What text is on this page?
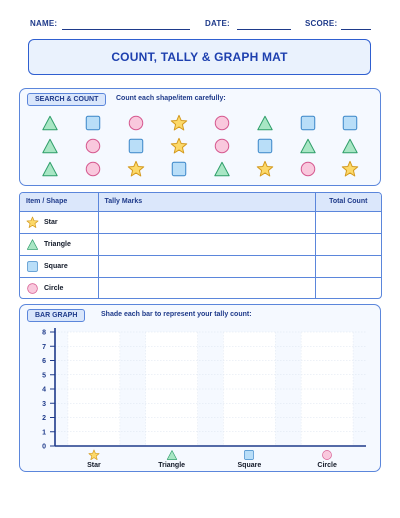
NAME:	DATE:	SCORE:
COUNT, TALLY & GRAPH MAT
SEARCH & COUNT	Count each shape/item carefully:
Item / Shape	Tally Marks	Total Count

Star		

Triangle		

Square		

Circle		

BAR GRAPH	Shade each bar to represent your tally count:
0
1
2
3
4
5
6
7
8
Star	Triangle	Square	Circle
